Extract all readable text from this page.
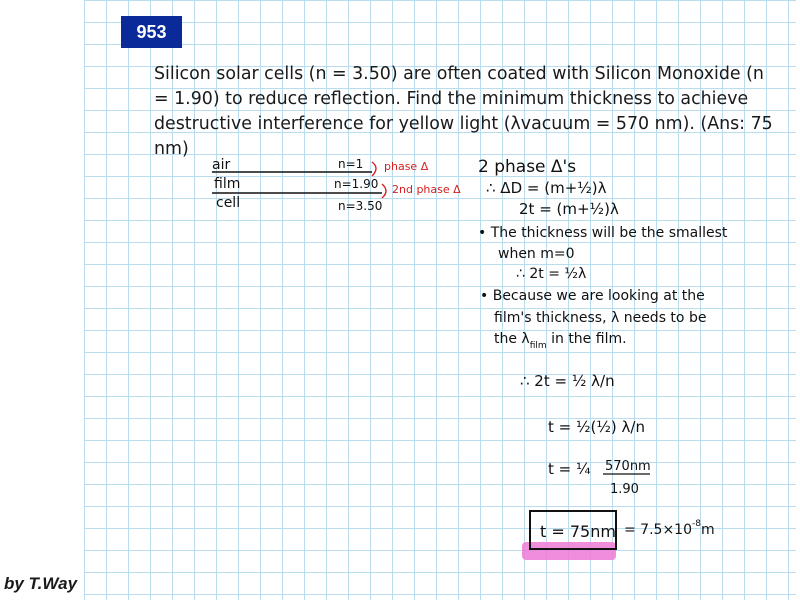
953

Silicon solar cells (n = 3.50) are often coated with Silicon Monoxide (n = 1.90) to reduce reflection. Find the minimum thickness to achieve destructive interference for yellow light (λvacuum = 570 nm). (Ans: 75 nm)

by T.Way
air
film
cell
n=1
n=1.90
n=3.50
phase Δ
2nd phase Δ
2 phase Δ's
∴ ΔD = (m+½)λ
2t = (m+½)λ
• The thickness will be the smallest
when m=0
∴ 2t = ½λ
• Because we are looking at the
film's thickness, λ needs to be
the $\lambda_{film}$ in the film.
∴ 2t = ½ λ/n
t = ½(½) λ/n
t = ¼ 570nm
1.90
$t = 75nm = 7.5\times 10^{-8}m$
